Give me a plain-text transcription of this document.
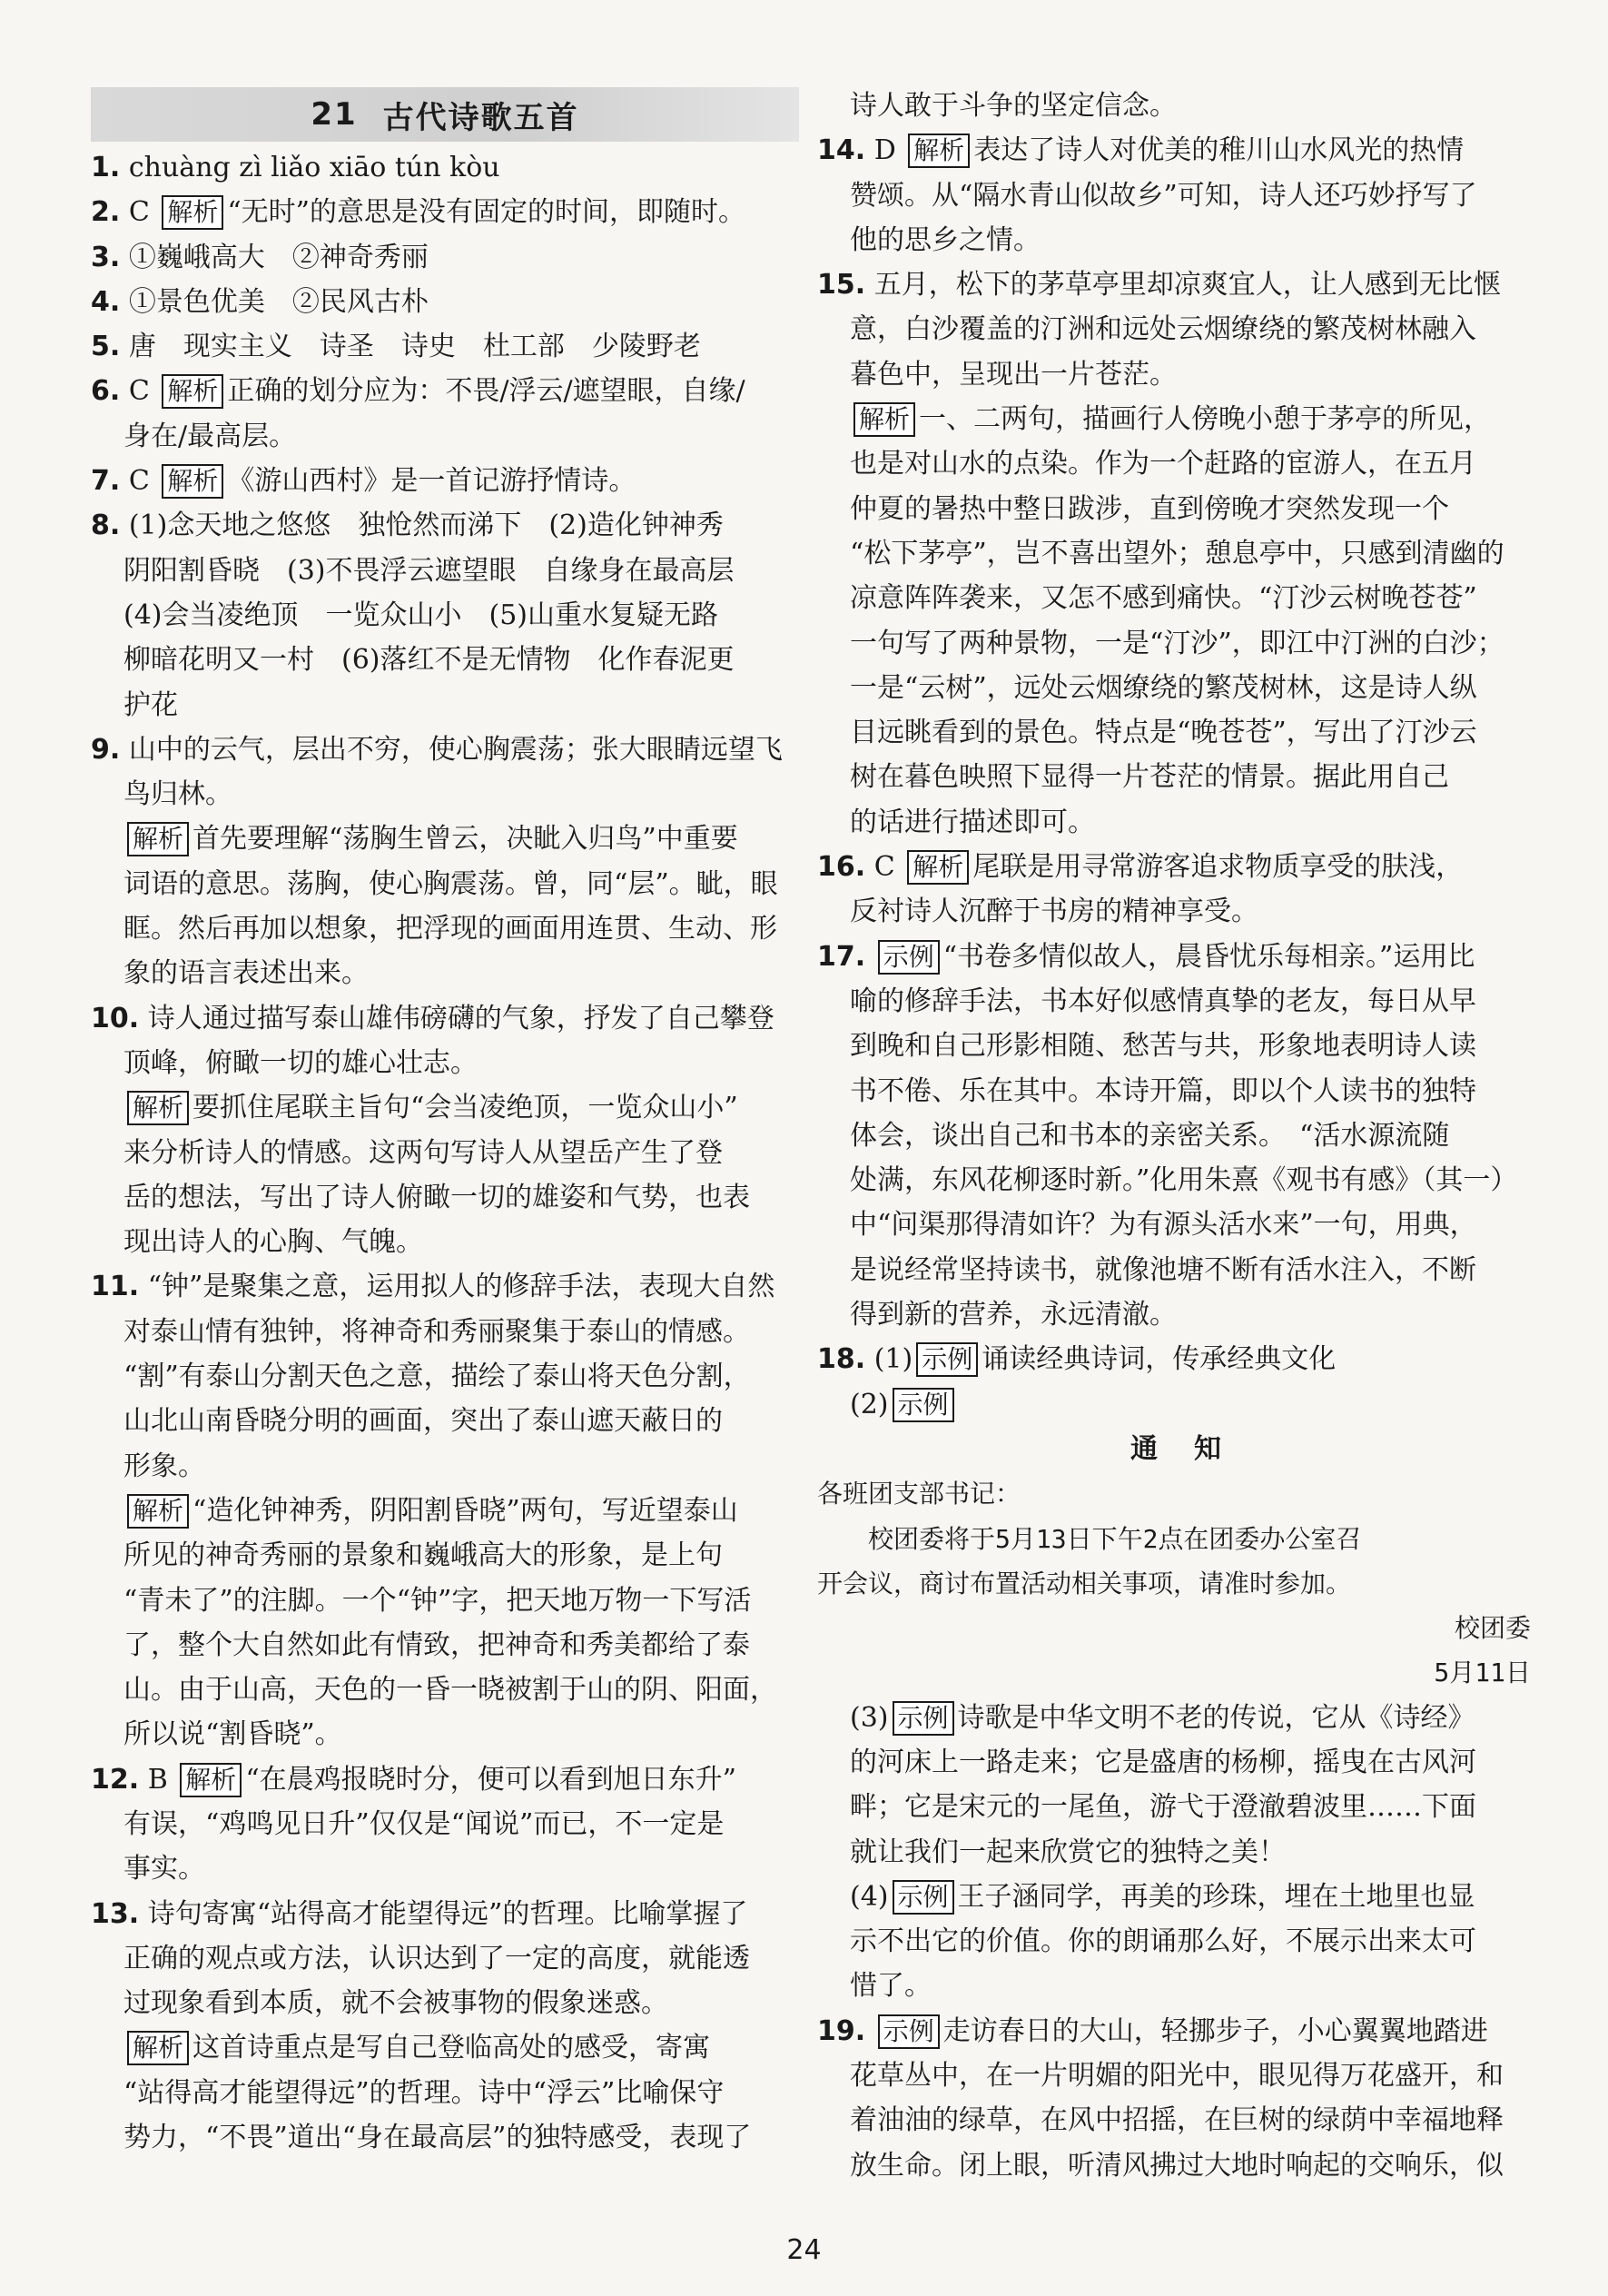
21 古代诗歌五首
1. chuàng zì liǎo xiāo tún kòu
2. C 解析 “无时”的意思是没有固定的时间，即随时。
3. ①巍峨高大　②神奇秀丽
4. ①景色优美　②民风古朴
5. 唐　现实主义　诗圣　诗史　杜工部　少陵野老
6. C 解析 正确的划分应为：不畏/浮云/遮望眼，自缘/
身在/最高层。
7. C 解析 《游山西村》是一首记游抒情诗。
8. (1)念天地之悠悠　独怆然而涕下　(2)造化钟神秀
阴阳割昏晓　(3)不畏浮云遮望眼　自缘身在最高层
(4)会当凌绝顶　一览众山小　(5)山重水复疑无路
柳暗花明又一村　(6)落红不是无情物　化作春泥更
护花
9. 山中的云气，层出不穷，使心胸震荡；张大眼睛远望飞
鸟归林。
解析 首先要理解“荡胸生曾云，决眦入归鸟”中重要
词语的意思。荡胸，使心胸震荡。曾，同“层”。眦，眼
眶。然后再加以想象，把浮现的画面用连贯、生动、形
象的语言表述出来。
10. 诗人通过描写泰山雄伟磅礴的气象，抒发了自己攀登
顶峰，俯瞰一切的雄心壮志。
解析 要抓住尾联主旨句“会当凌绝顶，一览众山小”
来分析诗人的情感。这两句写诗人从望岳产生了登
岳的想法，写出了诗人俯瞰一切的雄姿和气势，也表
现出诗人的心胸、气魄。
11. “钟”是聚集之意，运用拟人的修辞手法，表现大自然
对泰山情有独钟，将神奇和秀丽聚集于泰山的情感。
“割”有泰山分割天色之意，描绘了泰山将天色分割，
山北山南昏晓分明的画面，突出了泰山遮天蔽日的
形象。
解析 “造化钟神秀，阴阳割昏晓”两句，写近望泰山
所见的神奇秀丽的景象和巍峨高大的形象，是上句
“青未了”的注脚。一个“钟”字，把天地万物一下写活
了，整个大自然如此有情致，把神奇和秀美都给了泰
山。由于山高，天色的一昏一晓被割于山的阴、阳面，
所以说“割昏晓”。
12. B 解析 “在晨鸡报晓时分，便可以看到旭日东升”
有误，“鸡鸣见日升”仅仅是“闻说”而已，不一定是
事实。
13. 诗句寄寓“站得高才能望得远”的哲理。比喻掌握了
正确的观点或方法，认识达到了一定的高度，就能透
过现象看到本质，就不会被事物的假象迷惑。
解析 这首诗重点是写自己登临高处的感受，寄寓
“站得高才能望得远”的哲理。诗中“浮云”比喻保守
势力，“不畏”道出“身在最高层”的独特感受，表现了
诗人敢于斗争的坚定信念。
14. D 解析 表达了诗人对优美的稚川山水风光的热情
赞颂。从“隔水青山似故乡”可知，诗人还巧妙抒写了
他的思乡之情。
15. 五月，松下的茅草亭里却凉爽宜人，让人感到无比惬
意，白沙覆盖的汀洲和远处云烟缭绕的繁茂树林融入
暮色中，呈现出一片苍茫。
解析 一、二两句，描画行人傍晚小憩于茅亭的所见，
也是对山水的点染。作为一个赶路的宦游人，在五月
仲夏的暑热中整日跋涉，直到傍晚才突然发现一个
“松下茅亭”，岂不喜出望外；憩息亭中，只感到清幽的
凉意阵阵袭来，又怎不感到痛快。“汀沙云树晚苍苍”
一句写了两种景物，一是“汀沙”，即江中汀洲的白沙；
一是“云树”，远处云烟缭绕的繁茂树林，这是诗人纵
目远眺看到的景色。特点是“晚苍苍”，写出了汀沙云
树在暮色映照下显得一片苍茫的情景。据此用自己
的话进行描述即可。
16. C 解析 尾联是用寻常游客追求物质享受的肤浅，
反衬诗人沉醉于书房的精神享受。
17. 示例 “书卷多情似故人，晨昏忧乐每相亲。”运用比
喻的修辞手法，书本好似感情真挚的老友，每日从早
到晚和自己形影相随、愁苦与共，形象地表明诗人读
书不倦、乐在其中。本诗开篇，即以个人读书的独特
体会，谈出自己和书本的亲密关系。　“活水源流随
处满，东风花柳逐时新。”化用朱熹《观书有感》（其一）
中“问渠那得清如许？为有源头活水来”一句，用典，
是说经常坚持读书，就像池塘不断有活水注入，不断
得到新的营养，永远清澈。
18. (1) 示例 诵读经典诗词，传承经典文化
(2) 示例
通知
各班团支部书记：
校团委将于5月13日下午2点在团委办公室召
开会议，商讨布置活动相关事项，请准时参加。
校团委
5月11日
(3) 示例 诗歌是中华文明不老的传说，它从《诗经》
的河床上一路走来；它是盛唐的杨柳，摇曳在古风河
畔；它是宋元的一尾鱼，游弋于澄澈碧波里……下面
就让我们一起来欣赏它的独特之美！
(4) 示例 王子涵同学，再美的珍珠，埋在土地里也显
示不出它的价值。你的朗诵那么好，不展示出来太可
惜了。
19. 示例 走访春日的大山，轻挪步子，小心翼翼地踏进
花草丛中，在一片明媚的阳光中，眼见得万花盛开，和
着油油的绿草，在风中招摇，在巨树的绿荫中幸福地释
放生命。闭上眼，听清风拂过大地时响起的交响乐，似
24
